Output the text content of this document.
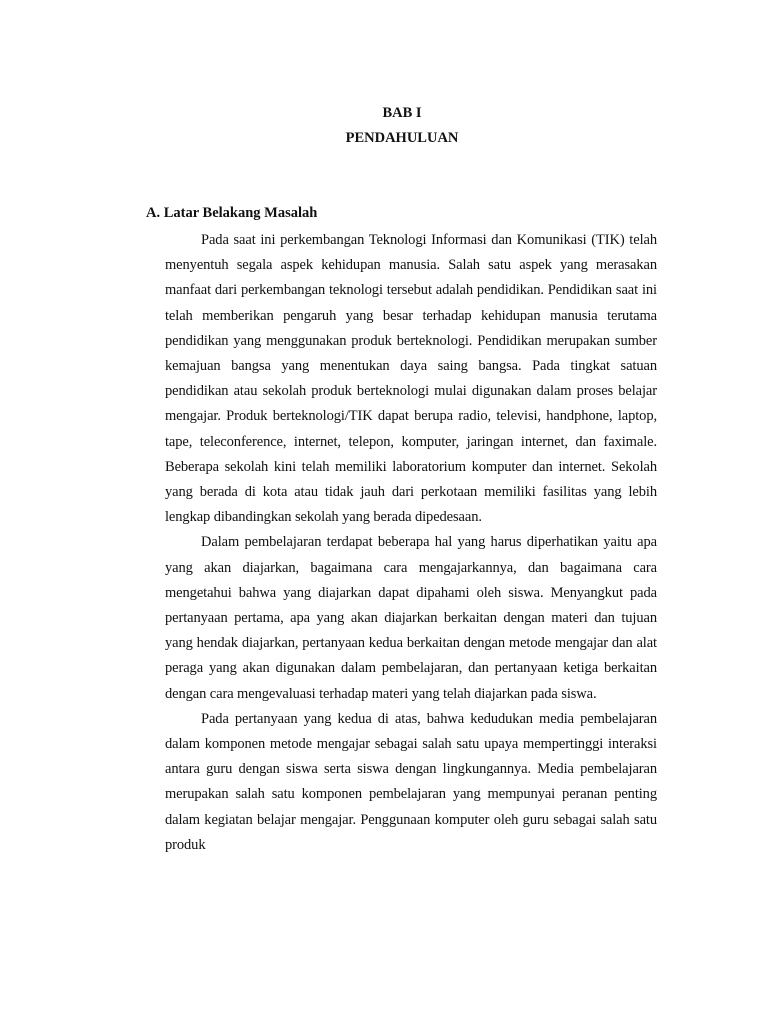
BAB I
PENDAHULUAN
A. Latar Belakang Masalah

Pada saat ini perkembangan Teknologi Informasi dan Komunikasi (TIK) telah menyentuh segala aspek kehidupan manusia. Salah satu aspek yang merasakan manfaat dari perkembangan teknologi tersebut adalah pendidikan. Pendidikan saat ini telah memberikan pengaruh yang besar terhadap kehidupan manusia terutama pendidikan yang menggunakan produk berteknologi. Pendidikan merupakan sumber kemajuan bangsa yang menentukan daya saing bangsa. Pada tingkat satuan pendidikan atau sekolah produk berteknologi mulai digunakan dalam proses belajar mengajar. Produk berteknologi/TIK dapat berupa radio, televisi, handphone, laptop, tape, teleconference, internet, telepon, komputer, jaringan internet, dan faximale. Beberapa sekolah kini telah memiliki laboratorium komputer dan internet. Sekolah yang berada di kota atau tidak jauh dari perkotaan memiliki fasilitas yang lebih lengkap dibandingkan sekolah yang berada dipedesaan.

Dalam pembelajaran terdapat beberapa hal yang harus diperhatikan yaitu apa yang akan diajarkan, bagaimana cara mengajarkannya, dan bagaimana cara mengetahui bahwa yang diajarkan dapat dipahami oleh siswa. Menyangkut pada pertanyaan pertama, apa yang akan diajarkan berkaitan dengan materi dan tujuan yang hendak diajarkan, pertanyaan kedua berkaitan dengan metode mengajar dan alat peraga yang akan digunakan dalam pembelajaran, dan pertanyaan ketiga berkaitan dengan cara mengevaluasi terhadap materi yang telah diajarkan pada siswa.

Pada pertanyaan yang kedua di atas, bahwa kedudukan media pembelajaran dalam komponen metode mengajar sebagai salah satu upaya mempertinggi interaksi antara guru dengan siswa serta siswa dengan lingkungannya. Media pembelajaran merupakan salah satu komponen pembelajaran yang mempunyai peranan penting dalam kegiatan belajar mengajar. Penggunaan komputer oleh guru sebagai salah satu produk
